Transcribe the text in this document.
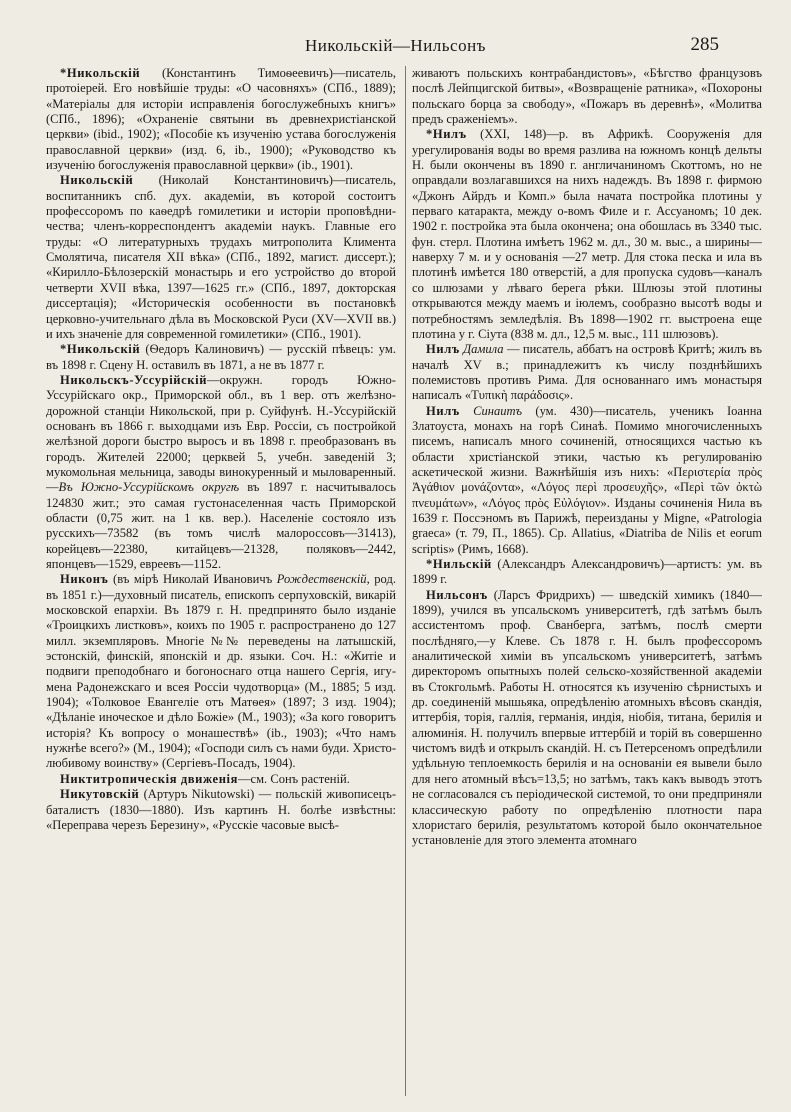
Никольскій—Нильсонъ	285

*Никольскій (Константинъ Тимоѳеевичъ)—писатель, протоіерей. Его новѣйшіе труды: «О часовняхъ» (СПб., 1889); «Матеріалы для исторіи исправленія богослужебныхъ книгъ» (СПб., 1896); «Охраненіе святыни въ древнехристіанской церкви» (ibid., 1902); «Пособіе къ изученію устава богослуженія православной церкви» (изд. 6, ib., 1900); «Руководство къ изученію богослуженія православной церкви» (ib., 1901).

Никольскій (Николай Константиновичъ)—писатель, воспитанникъ спб. дух. академіи, въ которой состоитъ профессоромъ по каѳедрѣ гомилетики и исторіи проповѣдничества; членъ-корреспондентъ академіи наукъ. Главные его труды: «О литературныхъ трудахъ митрополита Климента Смолятича, писателя XII вѣка» (СПб., 1892, магист. диссерт.); «Кирилло-Бѣлозерскій монастырь и его устройство до второй четверти XVII вѣка, 1397—1625 гг.» (СПб., 1897, докторская диссертація); «Историческія особенности въ постановкѣ церковно-учительнаго дѣла въ Московской Руси (XV—XVII вв.) и ихъ значеніе для современной гомилетики» (СПб., 1901).

*Никольскій (Ѳедоръ Калиновичъ) — русскій пѣвецъ: ум. въ 1898 г. Сцену Н. оставилъ въ 1871, а не въ 1877 г.

Никольскъ-Уссурійскій—окружн. городъ Южно-Уссурійскаго окр., Приморской обл., въ 1 вер. отъ желѣзно-дорожной станціи Никольской, при р. Суйфунѣ. Н.-Уссурійскій основанъ въ 1866 г. выходцами изъ Евр. Россіи, съ постройкой желѣзной дороги быстро выросъ и въ 1898 г. преобразованъ въ городъ. Жителей 22000; церквей 5, учебн. заведеній 3; мукомольная мельница, заводы винокуренный и мыловаренный.—Въ Южно-Уссурійскомъ округѣ въ 1897 г. насчитывалось 124830 жит.; это самая густонаселенная часть Приморской области (0,75 жит. на 1 кв. вер.). Населеніе состояло изъ русскихъ—73582 (въ томъ числѣ малороссовъ—31413), корейцевъ—22380, китайцевъ—21328, поляковъ—2442, японцевъ—1529, евреевъ—1152.

Никонъ (въ мірѣ Николай Ивановичъ Рождественскій, род. въ 1851 г.)—духовный писатель, епископъ серпуховскій, викарій московской епархіи. Въ 1879 г. Н. предпринято было изданіе «Троицкихъ листковъ», коихъ по 1905 г. распространено до 127 милл. экземпляровъ. Многіе №№ переведены на латышскій, эстонскій, финскій, японскій и др. языки. Соч. Н.: «Житіе и подвиги преподобнаго и богоноснаго отца нашего Сергія, игумена Радонежскаго и всея Россіи чудотворца» (М., 1885; 5 изд. 1904); «Толковое Евангеліе отъ Матѳея» (1897; 3 изд. 1904); «Дѣланіе иноческое и дѣло Божіе» (М., 1903); «За кого говоритъ исторія? Къ вопросу о монашествѣ» (ib., 1903); «Что намъ нужнѣе всего?» (М., 1904); «Господи силъ съ нами буди. Христолюбивому воинству» (Сергіевъ-Посадъ, 1904).

Никтитропическія движенія—см. Сонъ растеній.

Никутовскій (Артуръ Nikutowski) — польскій живописецъ-баталистъ (1830—1880). Изъ картинъ Н. болѣе извѣстны: «Переправа черезъ Березину», «Русскіе часовые высѣ-

живаютъ польскихъ контрабандистовъ», «Бѣгство французовъ послѣ Лейпцигской битвы», «Возвращеніе ратника», «Похороны польскаго борца за свободу», «Пожаръ въ деревнѣ», «Молитва предъ сраженіемъ».

*Нилъ (XXI, 148)—р. въ Африкѣ. Сооруженія для урегулированія воды во время разлива на южномъ концѣ дельты Н. были окончены въ 1890 г. англичаниномъ Скоттомъ, но не оправдали возлагавшихся на нихъ надеждъ. Въ 1898 г. фирмою «Джонъ Айрдъ и Комп.» была начата постройка плотины у перваго катаракта, между о-вомъ Филе и г. Ассуаномъ; 10 дек. 1902 г. постройка эта была окончена; она обошлась въ 3340 тыс. фун. стерл. Плотина имѣетъ 1962 м. дл., 30 м. выс., а ширины—наверху 7 м. и у основанія —27 метр. Для стока песка и ила въ плотинѣ имѣется 180 отверстій, а для пропуска судовъ—каналъ со шлюзами у лѣваго берега рѣки. Шлюзы этой плотины открываются между маемъ и іюлемъ, сообразно высотѣ воды и потребностямъ земледѣлія. Въ 1898—1902 гг. выстроена еще плотина у г. Сіута (838 м. дл., 12,5 м. выс., 111 шлюзовъ).

Нилъ Дамила — писатель, аббатъ на островѣ Критѣ; жилъ въ началѣ XV в.; принадлежитъ къ числу позднѣйшихъ полемистовъ противъ Рима. Для основаннаго имъ монастыря написалъ «Τυπικὴ παράδοσις».

Нилъ Синаитъ (ум. 430)—писатель, ученикъ Іоанна Златоуста, монахъ на горѣ Синаѣ. Помимо многочисленныхъ писемъ, написалъ много сочиненій, относящихся частью къ области христіанской этики, частью къ регулированію аскетической жизни. Важнѣйшія изъ нихъ: «Περιστερία πρὸς Ἀγάθιον μονάζοντα», «Λόγος περὶ προσευχῆς», «Περὶ τῶν ὀκτὼ πνευμάτων», «Λόγος πρὸς Εὐλόγιον». Изданы сочиненія Нила въ 1639 г. Поссэномъ въ Парижѣ, переизданы у Migne, «Patrologia graeca» (т. 79, П., 1865). Ср. Allatius, «Diatriba de Nilis et eorum scriptis» (Римъ, 1668).

*Нильскій (Александръ Александровичъ)—артистъ: ум. въ 1899 г.

Нильсонъ (Ларсъ Фридрихъ) — шведскій химикъ (1840—1899), учился въ упсальскомъ университетѣ, гдѣ затѣмъ былъ ассистентомъ проф. Сванберга, затѣмъ, послѣ смерти послѣдняго,—у Клеве. Съ 1878 г. Н. былъ профессоромъ аналитической химіи въ упсальскомъ университетѣ, затѣмъ директоромъ опытныхъ полей сельско-хозяйственной академіи въ Стокгольмѣ. Работы Н. относятся къ изученію сѣрнистыхъ и др. соединеній мышьяка, опредѣленію атомныхъ вѣсовъ скандія, иттербія, торія, галлія, германія, индія, ніобія, титана, берилія и алюминія. Н. получилъ впервые иттербій и торій въ совершенно чистомъ видѣ и открылъ скандій. Н. съ Петерсеномъ опредѣлили удѣльную теплоемкость берилія и на основаніи ея вывели было для него атомный вѣсъ=13,5; но затѣмъ, такъ какъ выводъ этотъ не согласовался съ періодической системой, то они предприняли классическую работу по опредѣленію плотности пара хлористаго берилія, результатомъ которой было окончательное установленіе для этого элемента атомнаго
